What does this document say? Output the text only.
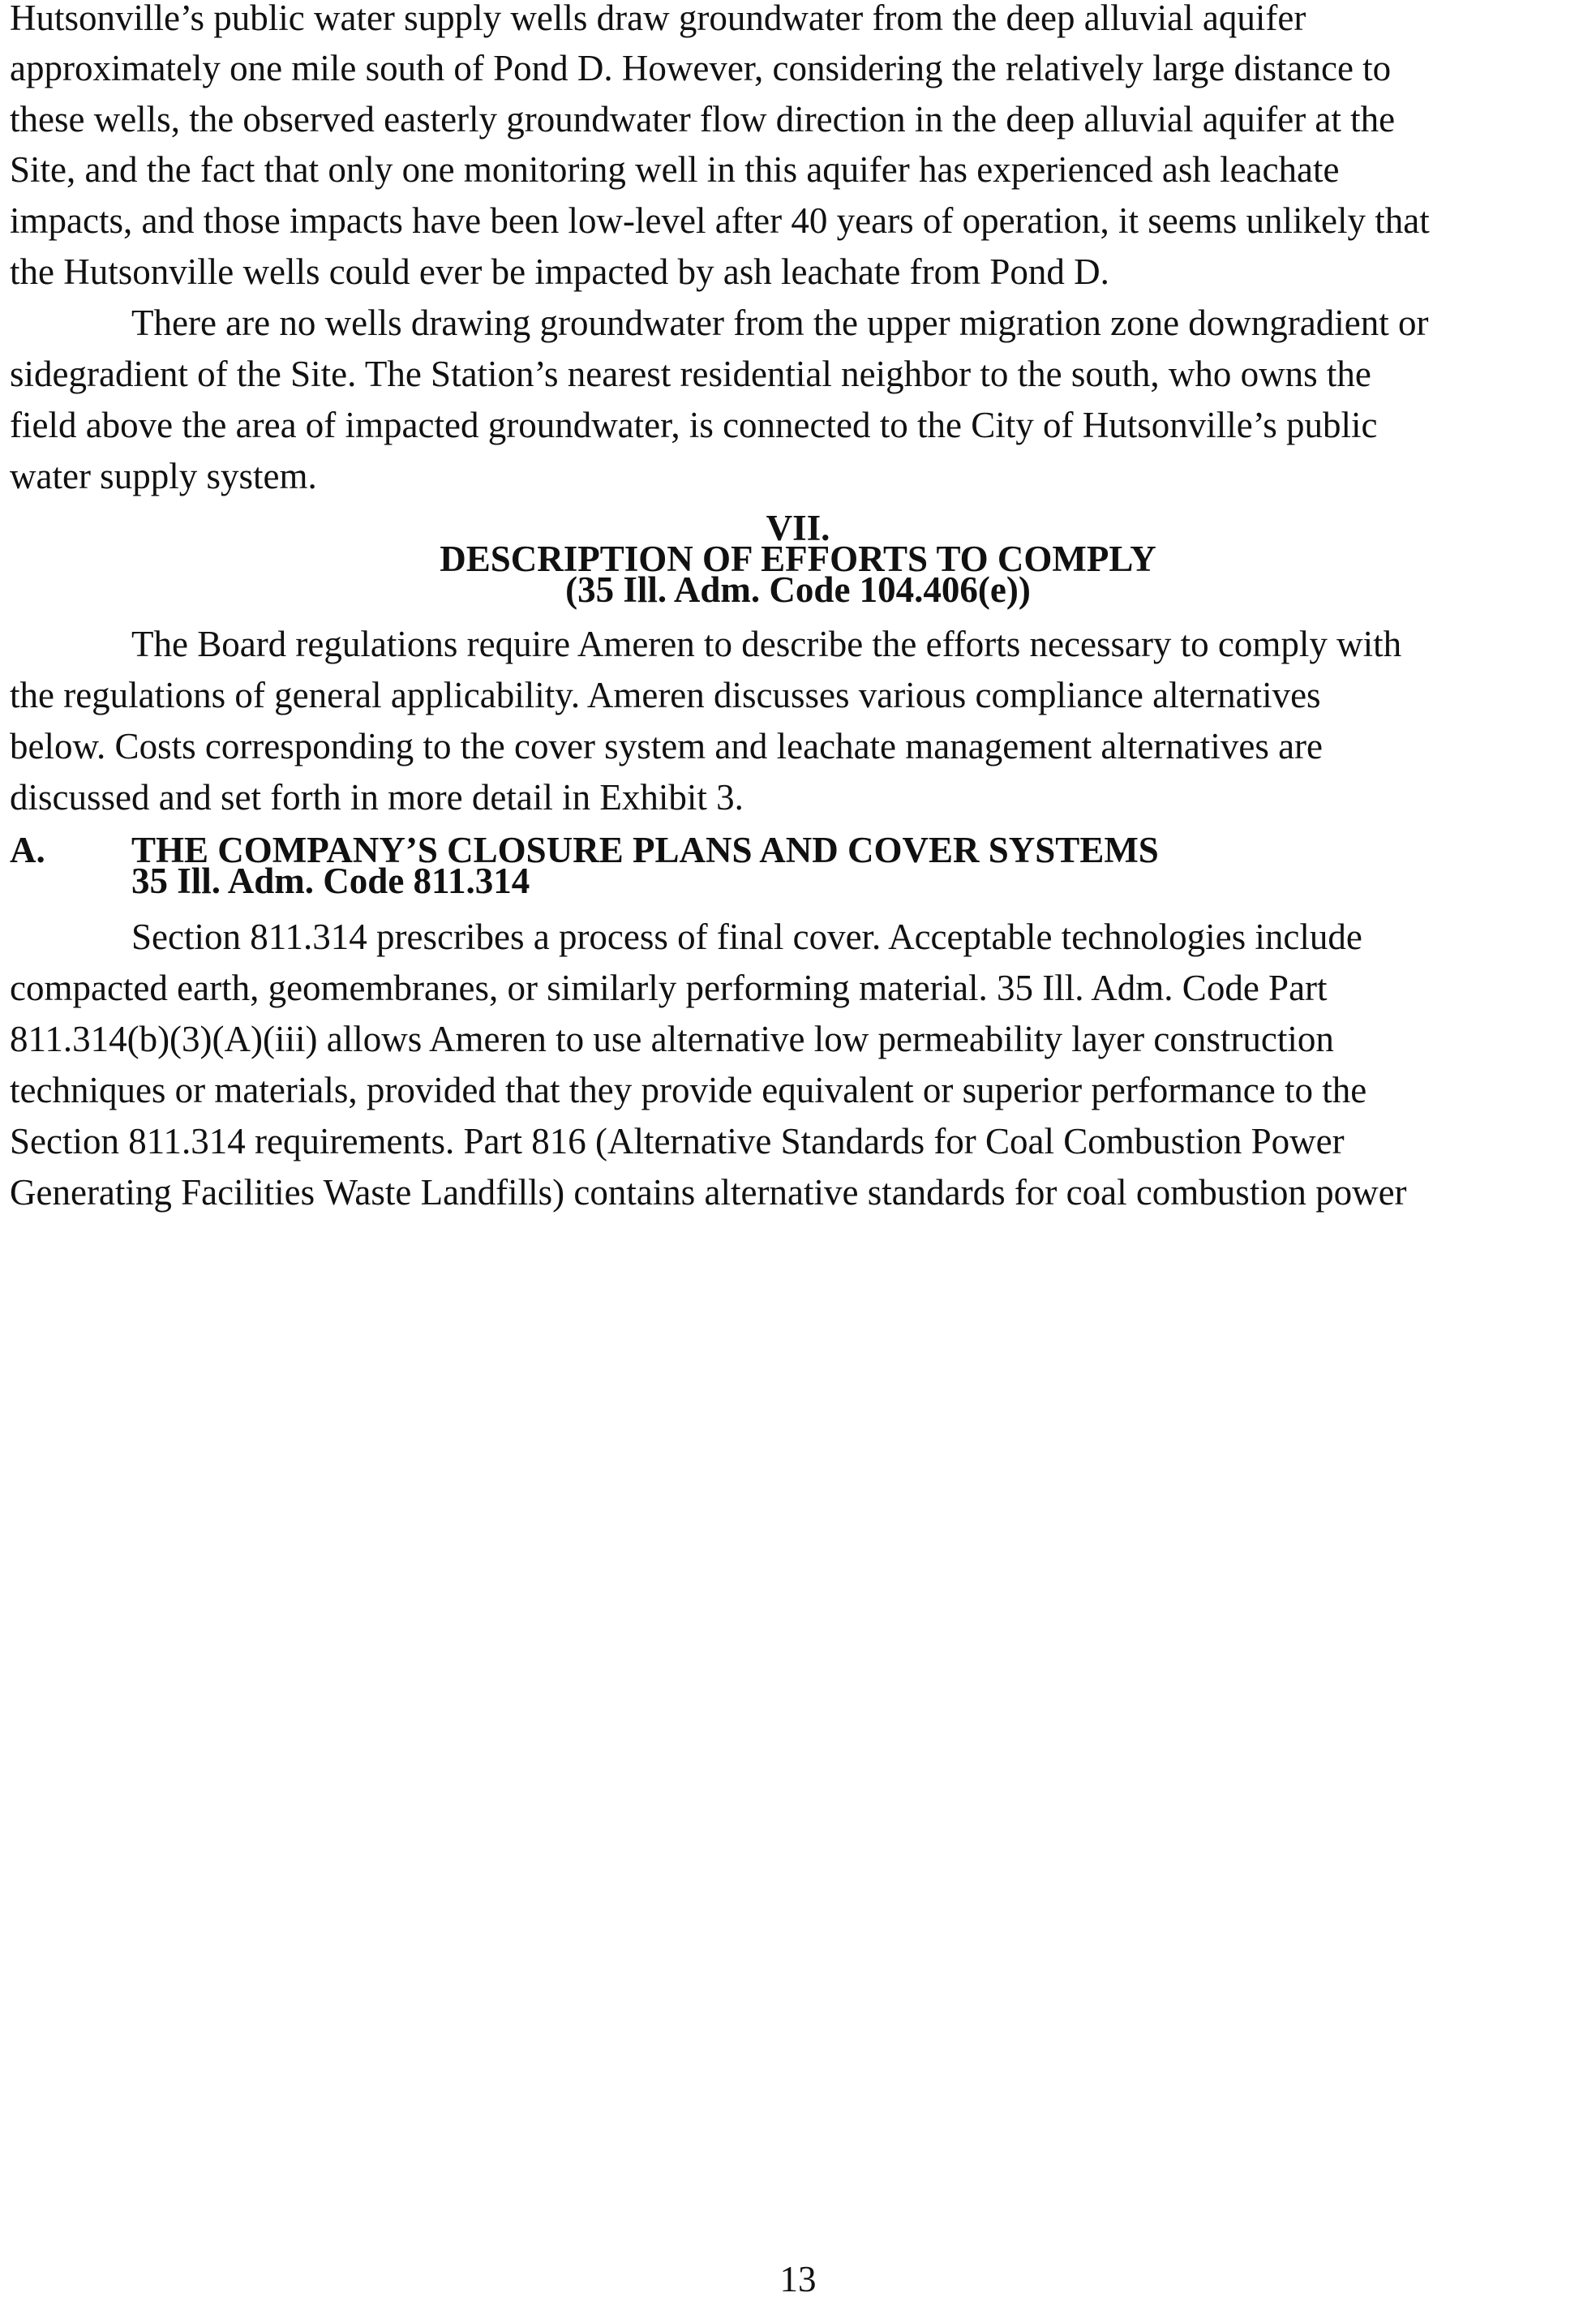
Hutsonville’s public water supply wells draw groundwater from the deep alluvial aquifer
approximately one mile south of Pond D. However, considering the relatively large distance to
these wells, the observed easterly groundwater flow direction in the deep alluvial aquifer at the
Site, and the fact that only one monitoring well in this aquifer has experienced ash leachate
impacts, and those impacts have been low-level after 40 years of operation, it seems unlikely that
the Hutsonville wells could ever be impacted by ash leachate from Pond D.
There are no wells drawing groundwater from the upper migration zone downgradient or
sidegradient of the Site. The Station’s nearest residential neighbor to the south, who owns the
field above the area of impacted groundwater, is connected to the City of Hutsonville’s public
water supply system.
VII.
DESCRIPTION OF EFFORTS TO COMPLY
(35 Ill. Adm. Code 104.406(e))
The Board regulations require Ameren to describe the efforts necessary to comply with
the regulations of general applicability. Ameren discusses various compliance alternatives
below. Costs corresponding to the cover system and leachate management alternatives are
discussed and set forth in more detail in Exhibit 3.
A. THE COMPANY’S CLOSURE PLANS AND COVER SYSTEMS
35 Ill. Adm. Code 811.314
Section 811.314 prescribes a process of final cover. Acceptable technologies include
compacted earth, geomembranes, or similarly performing material. 35 Ill. Adm. Code Part
811.314(b)(3)(A)(iii) allows Ameren to use alternative low permeability layer construction
techniques or materials, provided that they provide equivalent or superior performance to the
Section 811.314 requirements. Part 816 (Alternative Standards for Coal Combustion Power
Generating Facilities Waste Landfills) contains alternative standards for coal combustion power
13
